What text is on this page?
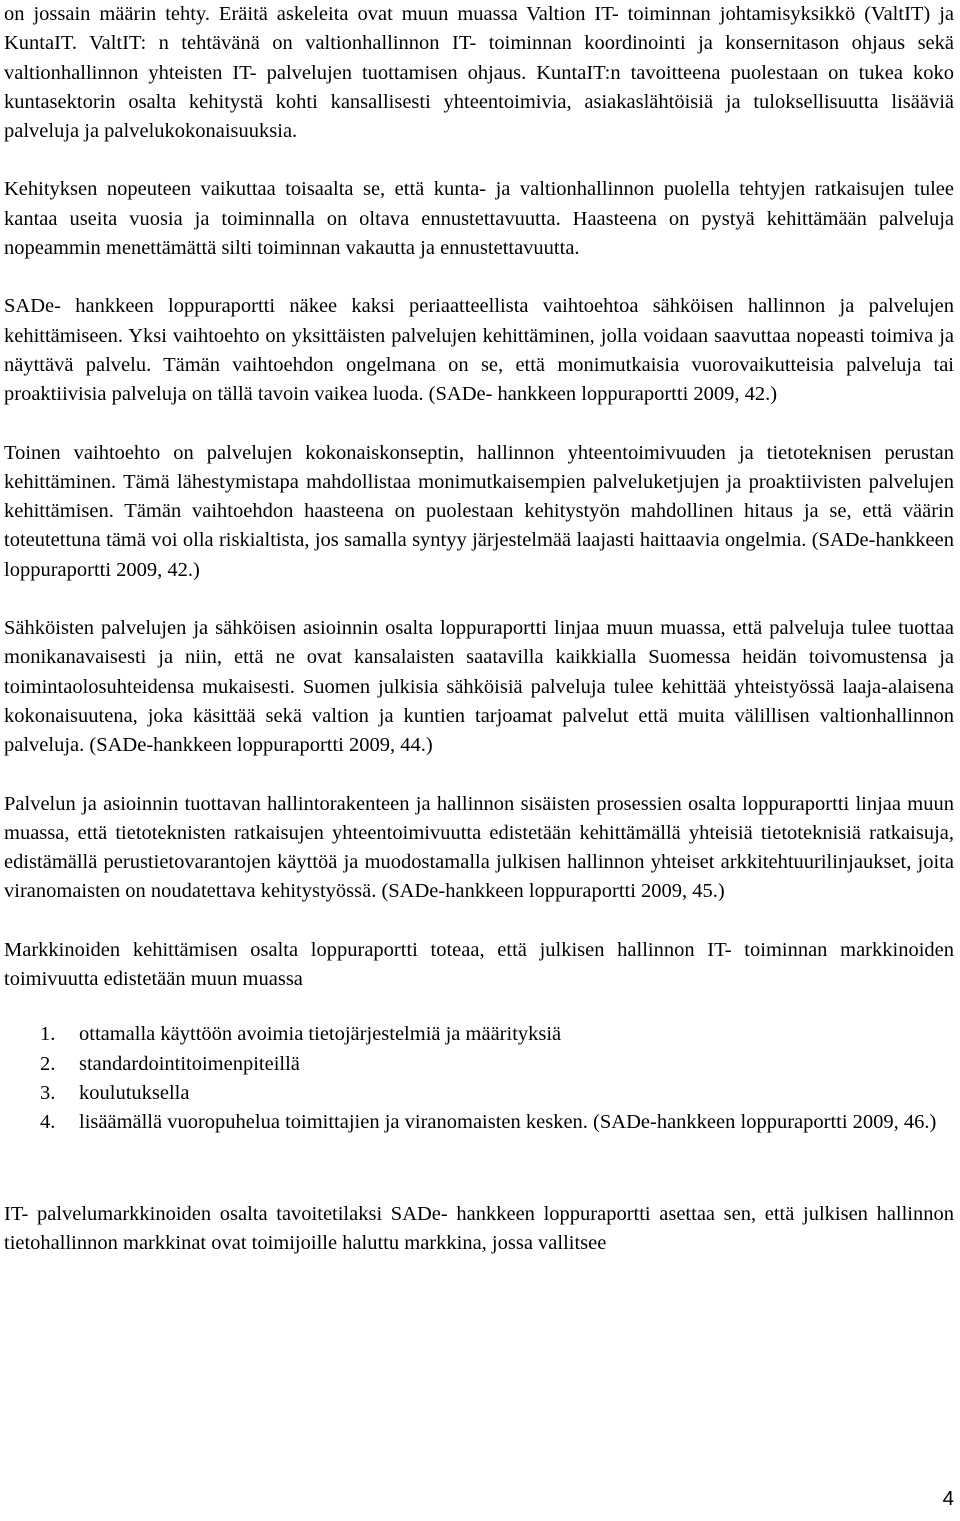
on jossain määrin tehty. Eräitä askeleita ovat muun muassa Valtion IT- toiminnan johtamisyksikkö (ValtIT) ja KuntaIT. ValtIT: n tehtävänä on valtionhallinnon IT- toiminnan koordinointi ja konsernitason ohjaus sekä valtionhallinnon yhteisten IT- palvelujen tuottamisen ohjaus. KuntaIT:n tavoitteena puolestaan on tukea koko kuntasektorin osalta kehitystä kohti kansallisesti yhteentoimivia, asiakaslähtöisiä ja tuloksellisuutta lisääviä palveluja ja palvelukokonaisuuksia.

Kehityksen nopeuteen vaikuttaa toisaalta se, että kunta- ja valtionhallinnon puolella tehtyjen ratkaisujen tulee kantaa useita vuosia ja toiminnalla on oltava ennustettavuutta. Haasteena on pystyä kehittämään palveluja nopeammin menettämättä silti toiminnan vakautta ja ennustettavuutta.

SADe- hankkeen loppuraportti näkee kaksi periaatteellista vaihtoehtoa sähköisen hallinnon ja palvelujen kehittämiseen. Yksi vaihtoehto on yksittäisten palvelujen kehittäminen, jolla voidaan saavuttaa nopeasti toimiva ja näyttävä palvelu. Tämän vaihtoehdon ongelmana on se, että monimutkaisia vuorovaikutteisia palveluja tai proaktiivisia palveluja on tällä tavoin vaikea luoda. (SADe- hankkeen loppuraportti 2009, 42.)

Toinen vaihtoehto on palvelujen kokonaiskonseptin, hallinnon yhteentoimivuuden ja tietoteknisen perustan kehittäminen. Tämä lähestymistapa mahdollistaa monimutkaisempien palveluketjujen ja proaktiivisten palvelujen kehittämisen. Tämän vaihtoehdon haasteena on puolestaan kehitystyön mahdollinen hitaus ja se, että väärin toteutettuna tämä voi olla riskialtista, jos samalla syntyy järjestelmää laajasti haittaavia ongelmia. (SADe-hankkeen loppuraportti 2009, 42.)

Sähköisten palvelujen ja sähköisen asioinnin osalta loppuraportti linjaa muun muassa, että palveluja tulee tuottaa monikanavaisesti ja niin, että ne ovat kansalaisten saatavilla kaikkialla Suomessa heidän toivomustensa ja toimintaolosuhteidensa mukaisesti. Suomen julkisia sähköisiä palveluja tulee kehittää yhteistyössä laaja-alaisena kokonaisuutena, joka käsittää sekä valtion ja kuntien tarjoamat palvelut että muita välillisen valtionhallinnon palveluja. (SADe-hankkeen loppuraportti 2009, 44.)

Palvelun ja asioinnin tuottavan hallintorakenteen ja hallinnon sisäisten prosessien osalta loppuraportti linjaa muun muassa, että tietoteknisten ratkaisujen yhteentoimivuutta edistetään kehittämällä yhteisiä tietoteknisiä ratkaisuja, edistämällä perustietovarantojen käyttöä ja muodostamalla julkisen hallinnon yhteiset arkkitehtuurilinjaukset, joita viranomaisten on noudatettava kehitystyössä. (SADe-hankkeen loppuraportti 2009, 45.)

Markkinoiden kehittämisen osalta loppuraportti toteaa, että julkisen hallinnon IT- toiminnan markkinoiden toimivuutta edistetään muun muassa

1. ottamalla käyttöön avoimia tietojärjestelmiä ja määrityksiä
2. standardointitoimenpiteillä
3. koulutuksella
4. lisäämällä vuoropuhelua toimittajien ja viranomaisten kesken. (SADe-hankkeen loppuraportti 2009, 46.)

IT- palvelumarkkinoiden osalta tavoitetilaksi SADe- hankkeen loppuraportti asettaa sen, että julkisen hallinnon tietohallinnon markkinat ovat toimijoille haluttu markkina, jossa vallitsee

4
